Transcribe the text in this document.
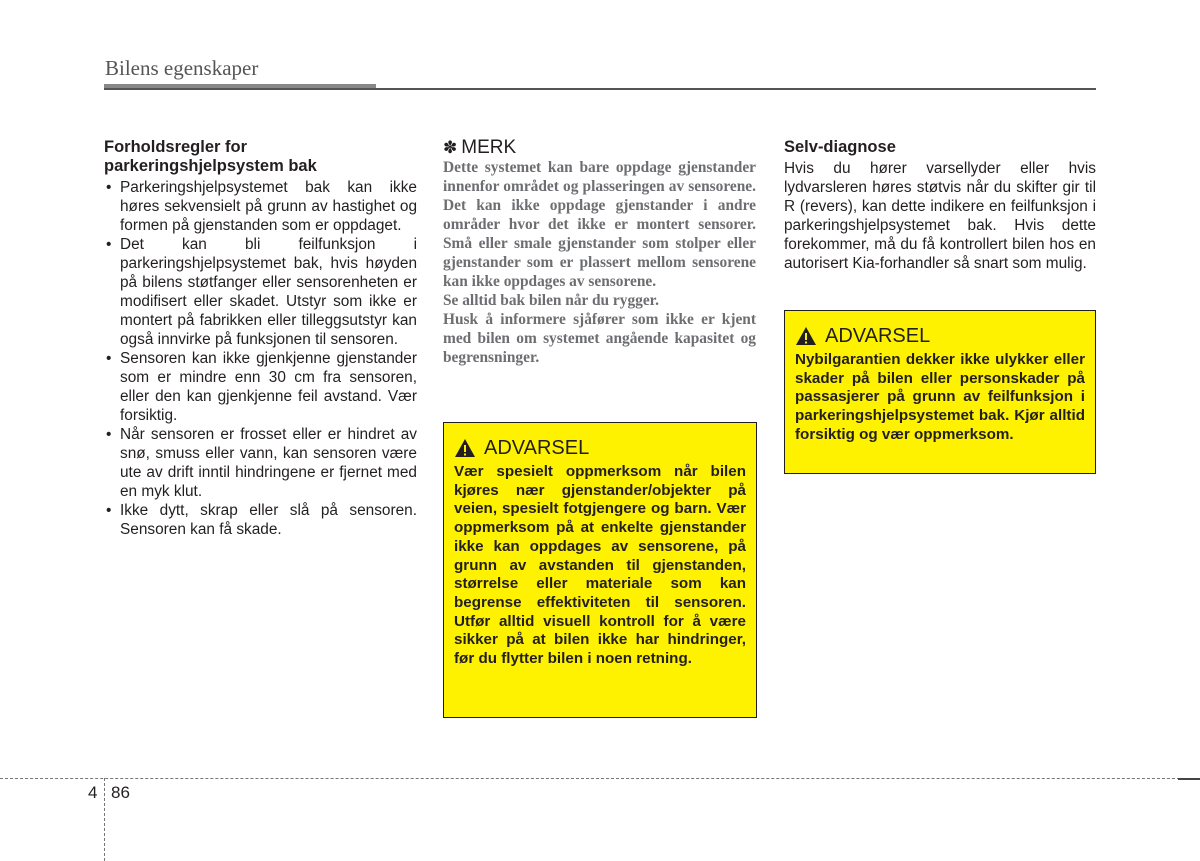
Bilens egenskaper
Forholdsregler for
parkeringshjelpsystem bak
• Parkeringshjelpsystemet bak kan ikke høres sekvensielt på grunn av hastighet og formen på gjenstanden som er oppdaget.
• Det kan bli feilfunksjon i parkeringshjelpsystemet bak, hvis høyden på bilens støtfanger eller sensorenheten er modifisert eller skadet. Utstyr som ikke er montert på fabrikken eller tilleggsutstyr kan også innvirke på funksjonen til sensoren.
• Sensoren kan ikke gjenkjenne gjenstander som er mindre enn 30 cm fra sensoren, eller den kan gjenkjenne feil avstand. Vær forsiktig.
• Når sensoren er frosset eller er hindret av snø, smuss eller vann, kan sensoren være ute av drift inntil hindringene er fjernet med en myk klut.
• Ikke dytt, skrap eller slå på sensoren. Sensoren kan få skade.
✽ MERK

Dette systemet kan bare oppdage gjenstander innenfor området og plasseringen av sensorene. Det kan ikke oppdage gjenstander i andre områder hvor det ikke er montert sensorer. Små eller smale gjenstander som stolper eller gjenstander som er plassert mellom sensorene kan ikke oppdages av sensorene.

Se alltid bak bilen når du rygger.

Husk å informere sjåfører som ikke er kjent med bilen om systemet angående kapasitet og begrensninger.

ADVARSEL

Vær spesielt oppmerksom når bilen kjøres nær gjenstander/objekter på veien, spesielt fotgjengere og barn. Vær oppmerksom på at enkelte gjenstander ikke kan oppdages av sensorene, på grunn av avstanden til gjenstanden, størrelse eller materiale som kan begrense effektiviteten til sensoren. Utfør alltid visuell kontroll for å være sikker på at bilen ikke har hindringer, før du flytter bilen i noen retning.

Selv-diagnose

Hvis du hører varsellyder eller hvis lydvarsleren høres støtvis når du skifter gir til R (revers), kan dette indikere en feilfunksjon i parkeringshjelpsystemet bak. Hvis dette forekommer, må du få kontrollert bilen hos en autorisert Kia-forhandler så snart som mulig.

ADVARSEL

Nybilgarantien dekker ikke ulykker eller skader på bilen eller personskader på passasjerer på grunn av feilfunksjon i parkeringshjelpsystemet bak. Kjør alltid forsiktig og vær oppmerksom.

4 86
